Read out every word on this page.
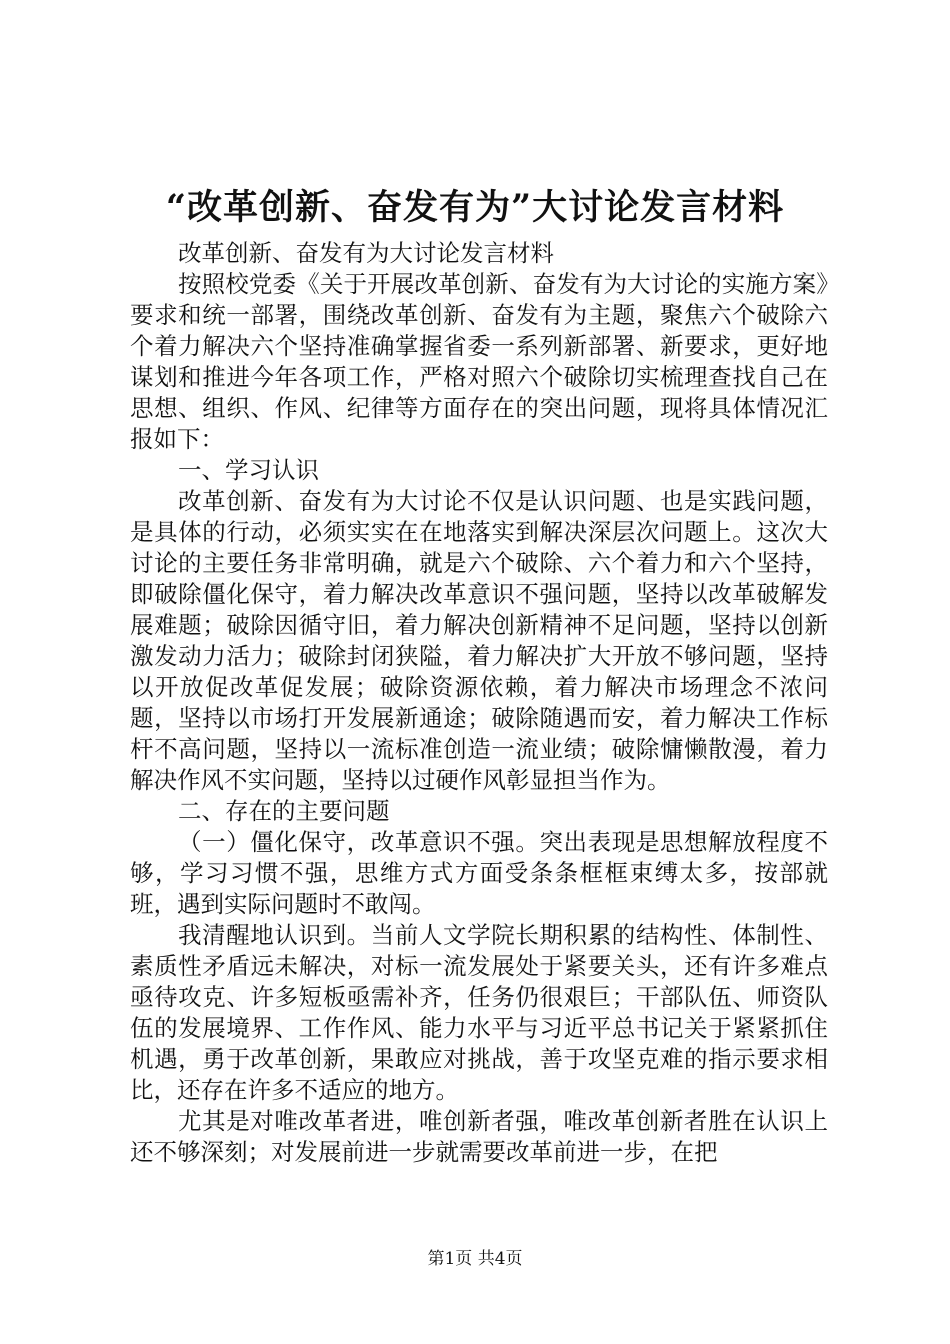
“改革创新、奋发有为”大讨论发言材料

改革创新、奋发有为大讨论发言材料

按照校党委《关于开展改革创新、奋发有为大讨论的实施方案》要求和统一部署，围绕改革创新、奋发有为主题，聚焦六个破除六个着力解决六个坚持准确掌握省委一系列新部署、新要求，更好地谋划和推进今年各项工作，严格对照六个破除切实梳理查找自己在思想、组织、作风、纪律等方面存在的突出问题，现将具体情况汇报如下：

一、学习认识

改革创新、奋发有为大讨论不仅是认识问题、也是实践问题，是具体的行动，必须实实在在地落实到解决深层次问题上。这次大讨论的主要任务非常明确，就是六个破除、六个着力和六个坚持，即破除僵化保守，着力解决改革意识不强问题，坚持以改革破解发展难题；破除因循守旧，着力解决创新精神不足问题，坚持以创新激发动力活力；破除封闭狭隘，着力解决扩大开放不够问题，坚持以开放促改革促发展；破除资源依赖，着力解决市场理念不浓问题，坚持以市场打开发展新通途；破除随遇而安，着力解决工作标杆不高问题，坚持以一流标准创造一流业绩；破除慵懒散漫，着力解决作风不实问题，坚持以过硬作风彰显担当作为。

二、存在的主要问题

（一）僵化保守，改革意识不强。突出表现是思想解放程度不够，学习习惯不强，思维方式方面受条条框框束缚太多，按部就班，遇到实际问题时不敢闯。

我清醒地认识到。当前人文学院长期积累的结构性、体制性、素质性矛盾远未解决，对标一流发展处于紧要关头，还有许多难点亟待攻克、许多短板亟需补齐，任务仍很艰巨；干部队伍、师资队伍的发展境界、工作作风、能力水平与习近平总书记关于紧紧抓住机遇，勇于改革创新，果敢应对挑战，善于攻坚克难的指示要求相比，还存在许多不适应的地方。

尤其是对唯改革者进，唯创新者强，唯改革创新者胜在认识上还不够深刻；对发展前进一步就需要改革前进一步，在把

第1页 共4页
